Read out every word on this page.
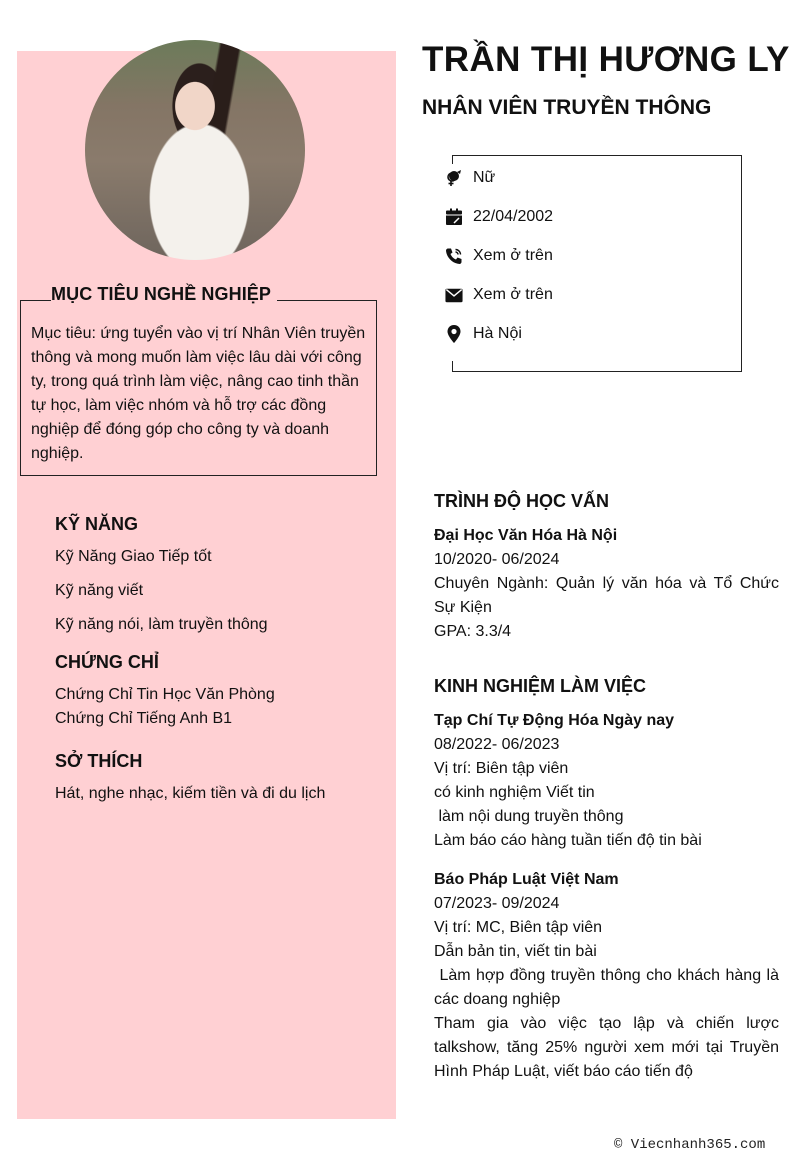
Mục tiêu: ứng tuyển vào vị trí Nhân Viên truyền thông và mong muốn làm việc lâu dài với công ty, trong quá trình làm việc, nâng cao tinh thần tự học, làm việc nhóm và hỗ trợ các đồng nghiệp để đóng góp cho công ty và doanh nghiệp.

MỤC TIÊU NGHỀ NGHIỆP
KỸ NĂNG
Kỹ Năng Giao Tiếp tốt
Kỹ năng viết
Kỹ năng nói, làm truyền thông
CHỨNG CHỈ
Chứng Chỉ Tin Học Văn Phòng
Chứng Chỉ Tiếng Anh B1
SỞ THÍCH
Hát, nghe nhạc, kiếm tiền và đi du lịch
TRẦN THỊ HƯƠNG LY
NHÂN VIÊN TRUYỀN THÔNG
Nữ
22/04/2002
Xem ở trên
Xem ở trên
Hà Nội
TRÌNH ĐỘ HỌC VẤN
Đại Học Văn Hóa Hà Nội
10/2020- 06/2024
Chuyên Ngành: Quản lý văn hóa và Tổ Chức Sự Kiện
GPA: 3.3/4
KINH NGHIỆM LÀM VIỆC
Tạp Chí Tự Động Hóa Ngày nay
08/2022- 06/2023
Vị trí: Biên tập viên
có kinh nghiệm Viết tin
làm nội dung truyền thông
Làm báo cáo hàng tuần tiến độ tin bài
Báo Pháp Luật Việt Nam
07/2023- 09/2024
Vị trí: MC, Biên tập viên
Dẫn bản tin, viết tin bài
Làm hợp đồng truyền thông cho khách hàng là các doang nghiệp
Tham gia vào việc tạo lập và chiến lược talkshow, tăng 25% người xem mới tại Truyền Hình Pháp Luật, viết báo cáo tiến độ
© Viecnhanh365.com
